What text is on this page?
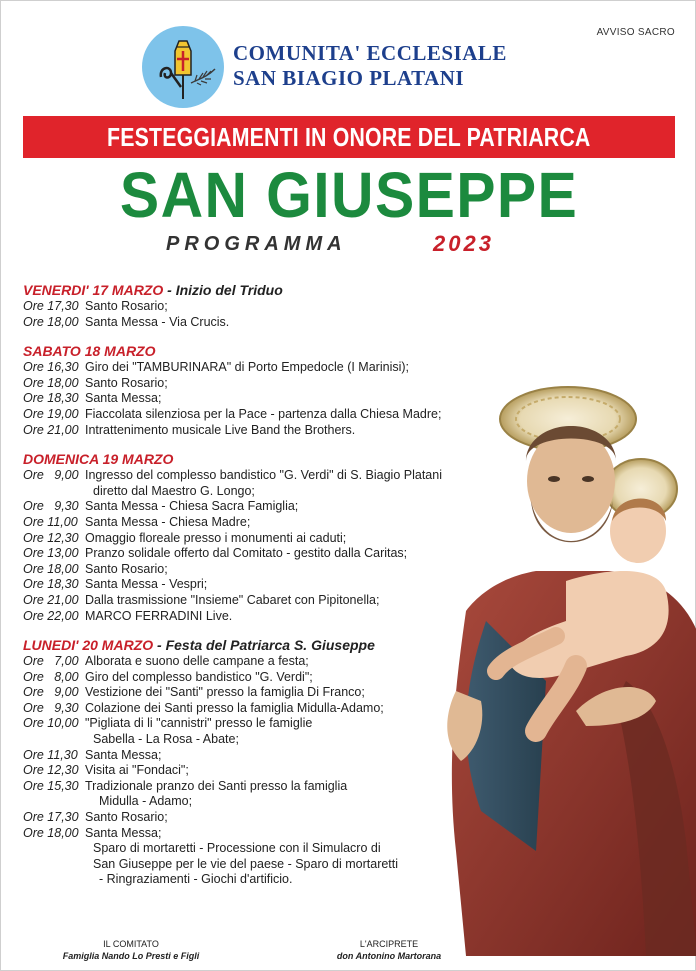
AVVISO SACRO
COMUNITA' ECCLESIALE
SAN BIAGIO PLATANI
FESTEGGIAMENTI IN ONORE DEL PATRIARCA
SAN GIUSEPPE
PROGRAMMA	2023
VENERDI' 17 MARZO - Inizio del Triduo
Ore 17,30 Santo Rosario;
Ore 18,00 Santa Messa - Via Crucis.
SABATO 18 MARZO
Ore 16,30 Giro dei "TAMBURINARA" di Porto Empedocle (I Marinisi);
Ore 18,00 Santo Rosario;
Ore 18,30 Santa Messa;
Ore 19,00 Fiaccolata silenziosa per la Pace - partenza dalla Chiesa Madre;
Ore 21,00 Intrattenimento musicale Live Band the Brothers.
DOMENICA 19 MARZO
Ore   9,00 Ingresso del complesso bandistico "G. Verdi" di S. Biagio Platani
diretto dal Maestro G. Longo;
Ore   9,30 Santa Messa - Chiesa Sacra Famiglia;
Ore 11,00 Santa Messa - Chiesa Madre;
Ore 12,30 Omaggio floreale presso i monumenti ai caduti;
Ore 13,00 Pranzo solidale offerto dal Comitato - gestito dalla Caritas;
Ore 18,00 Santo Rosario;
Ore 18,30 Santa Messa - Vespri;
Ore 21,00 Dalla trasmissione "Insieme" Cabaret con Pipitonella;
Ore 22,00 MARCO FERRADINI Live.
LUNEDI' 20 MARZO - Festa del Patriarca S. Giuseppe
Ore   7,00 Alborata e suono delle campane a festa;
Ore   8,00 Giro del complesso bandistico "G. Verdi";
Ore   9,00 Vestizione dei "Santi" presso la famiglia Di Franco;
Ore   9,30 Colazione dei Santi presso la famiglia Midulla-Adamo;
Ore 10,00 "Pigliata di li "cannistri" presso le famiglie
Sabella - La Rosa - Abate;
Ore 11,30 Santa Messa;
Ore 12,30 Visita ai "Fondaci";
Ore 15,30 Tradizionale pranzo dei Santi presso la famiglia
Midulla - Adamo;
Ore 17,30 Santo Rosario;
Ore 18,00 Santa Messa;
Sparo di mortaretti - Processione con il Simulacro di
San Giuseppe per le vie del paese - Sparo di mortaretti
- Ringraziamenti - Giochi d'artificio.
IL COMITATO
Famiglia Nando Lo Presti e Figli
L'ARCIPRETE
don Antonino Martorana
